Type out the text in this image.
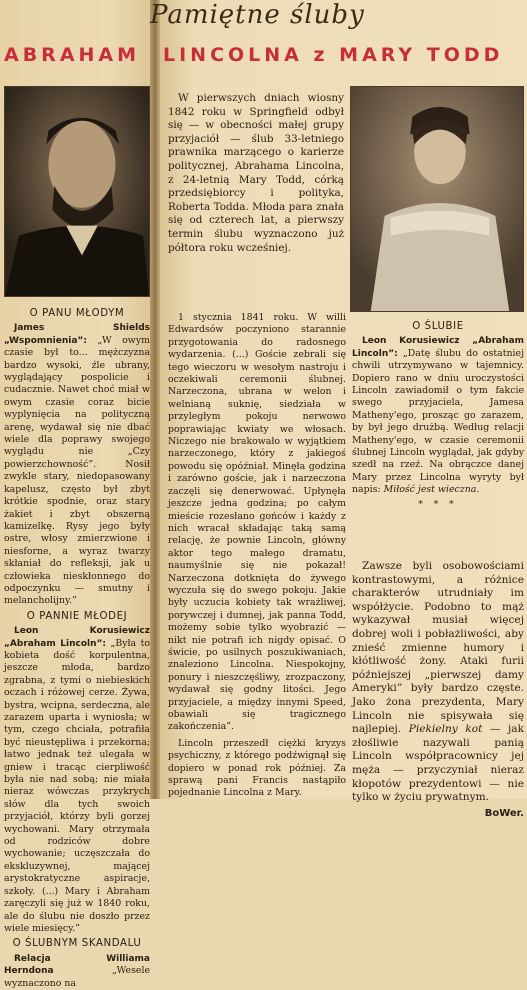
Pamiętne śluby
ABRAHAM LINCOLNA z MARY TODD

W pierwszych dniach wiosny 1842 roku w Springfield odbył się — w obecności małej grupy przyjaciół — ślub 33-letniego prawnika marzącego o karierze politycznej, Abrahama Lincolna, z 24-letnią Mary Todd, córką przedsiębiorcy i polityka, Roberta Todda. Młoda para znała się od czterech lat, a pierwszy termin ślubu wyznaczono już półtora roku wcześniej.

O PANU MŁODYM

James Shields „Wspomnienia”: „W owym czasie był to... mężczyzna bardzo wysoki, źle ubrany, wyglądający pospolicie i cudacznie. Nawet choć miał w owym czasie coraz bicie wyplynięcia na polityczną arenę, wydawał się nie dbać wiele dla poprawy swojego wyglądu nie „Czy powierzchowność”. Nosił zwykle stary, niedopasowany kapelusz, często był zbyt krótkie spodnie, oraz stary żakiet i zbyt obszerną kamizelkę. Rysy jego były ostre, włosy zmierzwione i niesforne, a wyraz twarzy skłaniał do refleksji, jak u człowieka nieskłonnego do odpoczynku — smutny i melancholijny.”

O PANNIE MŁODEJ

Leon Korusiewicz „Abraham Lincoln”: „Była to kobieta dość korpulentna, jeszcze młoda, bardzo zgrabna, z tymi o niebieskich oczach i różowej cerze. Żywa, bystra, wcipna, serdeczna, ale zarazem uparta i wyniosła; w tym, czego chciała, potrafiła być nieustępliwa i przekorna; łatwo jednak też ulegała w gniew i tracąc cierpliwość była nie nad sobą; nie miała nieraz wówczas przykrych słów dla tych swoich przyjaciół, którzy byli gorzej wychowani. Mary otrzymała od rodziców dobre wychowanie; uczęszczała do ekskluzywnej, mającej arystokratyczne aspiracje, szkoły. (...) Mary i Abraham zaręczyli się już w 1840 roku, ale do ślubu nie doszło przez wiele miesięcy.”

O ŚLUBNYM SKANDALU

Relacja Williama Herndona	„Wesele wyznaczono na

1 stycznia 1841 roku. W willi Edwardsów poczyniono starannie przygotowania do radosnego wydarzenia. (...) Goście zebrali się tego wieczoru w wesołym nastroju i oczekiwali ceremonii ślubnej. Narzeczona, ubrana w welon i welnianą suknię, siedziała w przyległym pokoju nerwowo poprawiając kwiaty we włosach. Niczego nie brakowało w wyjątkiem narzeczonego, który z jakiegoś powodu się opóźniał. Minęła godzina i zarówno goście, jak i narzeczona zaczęli się denerwować. Upłynęła jeszcze jedna godzina; po całym mieście rozesłano gońców i każdy z nich wracał składając taką samą relację, że pownie Lincoln, główny aktor tego małego dramatu, naumyślnie się nie pokazał! Narzeczona dotknięta do żywego wyczuła się do swego pokoju. Jakie były uczucia kobiety tak wrażliwej, porywczej i dumnej, jak panna Todd, możemy sobie tylko wyobrazić — nikt nie potrafi ich nigdy opisać. O świcie, po usilnych poszukiwaniach, znaleziono Lincolna. Niespokojny, ponury i nieszczęśliwy, zrozpaczony, wydawał się godny litości. Jego przyjaciele, a między innymi Speed, obawiali się tragicznego zakończenia”.

Lincoln przeszedł ciężki kryzys psychiczny, z którego podźwignął się dopiero w ponad rok później. Za sprawą pani Francis nastąpiło pojednanie Lincolna z Mary.

O ŚLUBIE

Leon Korusiewicz „Abraham Lincoln”: „Datę ślubu do ostatniej chwili utrzymywano w tajemnicy. Dopiero rano w dniu uroczystości Lincoln zawiadomił o tym fakcie swego przyjaciela, Jamesa Matheny'ego, prosząc go zarazem, by był jego drużbą. Według relacji Matheny'ego, w czasie ceremonii ślubnej Lincoln wyglądał, jak gdyby szedł na rzeź. Na obrączce danej Mary przez Lincolna wyryty był napis: Miłość jest wieczna.

* * *

Zawsze byli osobowościami kontrastowymi, a różnice charakterów utrudniały im współżycie. Podobno to mąż wykazywał musiał więcej dobrej woli i pobłażliwości, aby znieść zmienne humory i kłótliwość żony. Ataki furii późniejszej „pierwszej damy Ameryki” były bardzo częste. Jako żona prezydenta, Mary Lincoln nie spisywała się najlepiej. Piekielny kot — jak złośliwie nazywali panią Lincoln współpracownicy jej męża — przyczyniał nieraz kłopotów prezydentowi — nie tylko w życiu prywatnym.

BoWer.
